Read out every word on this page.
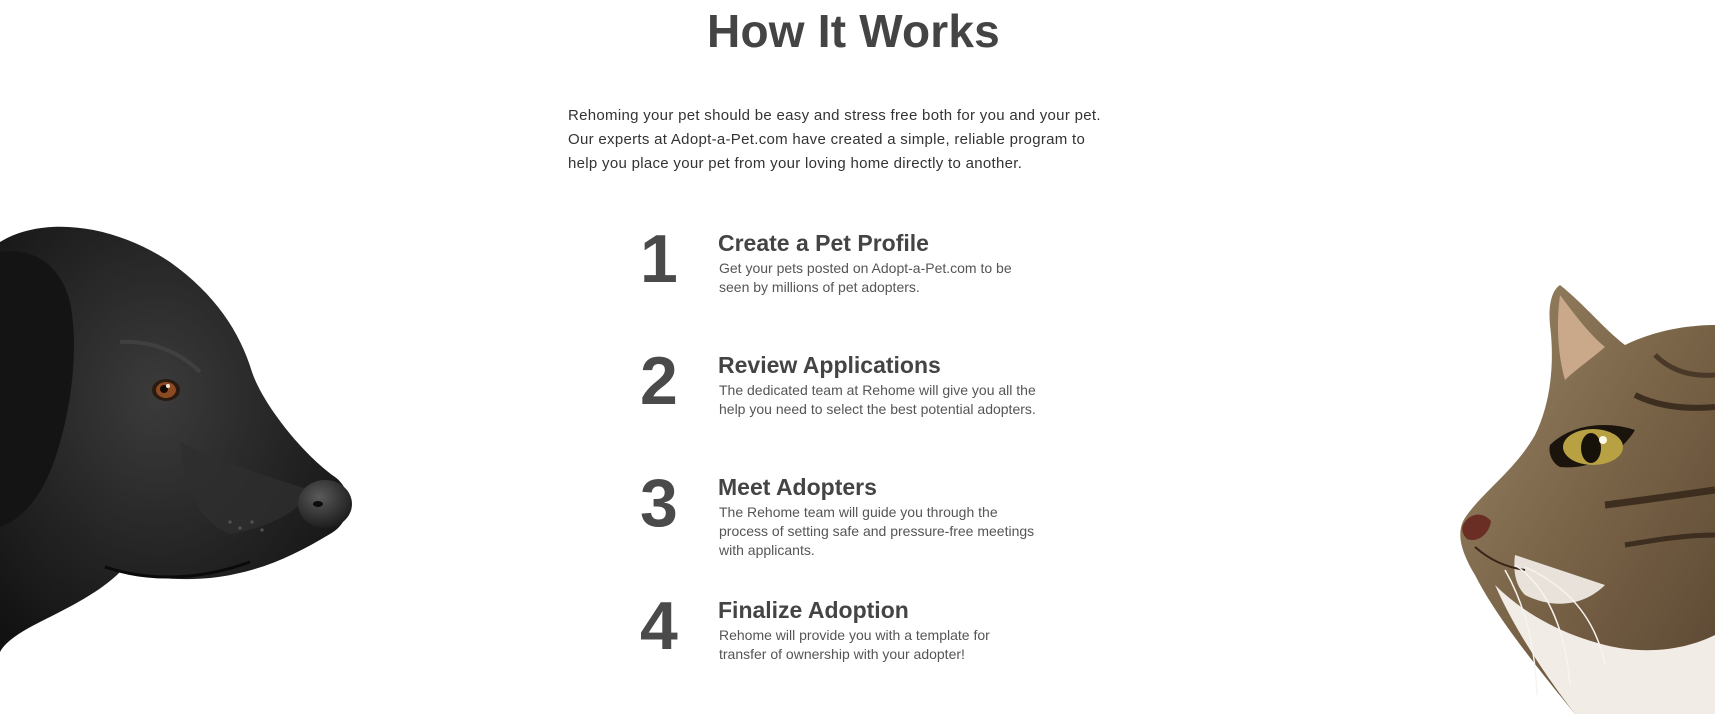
How It Works

Rehoming your pet should be easy and stress free both for you and your pet.

Our experts at Adopt-a-Pet.com have created a simple, reliable program to

help you place your pet from your loving home directly to another.

1 Create a Pet Profile
Get your pets posted on Adopt-a-Pet.com to be seen by millions of pet adopters.
2 Review Applications
The dedicated team at Rehome will give you all the help you need to select the best potential adopters.
3 Meet Adopters
The Rehome team will guide you through the process of setting safe and pressure-free meetings with applicants.
4 Finalize Adoption
Rehome will provide you with a template for transfer of ownership with your adopter!
